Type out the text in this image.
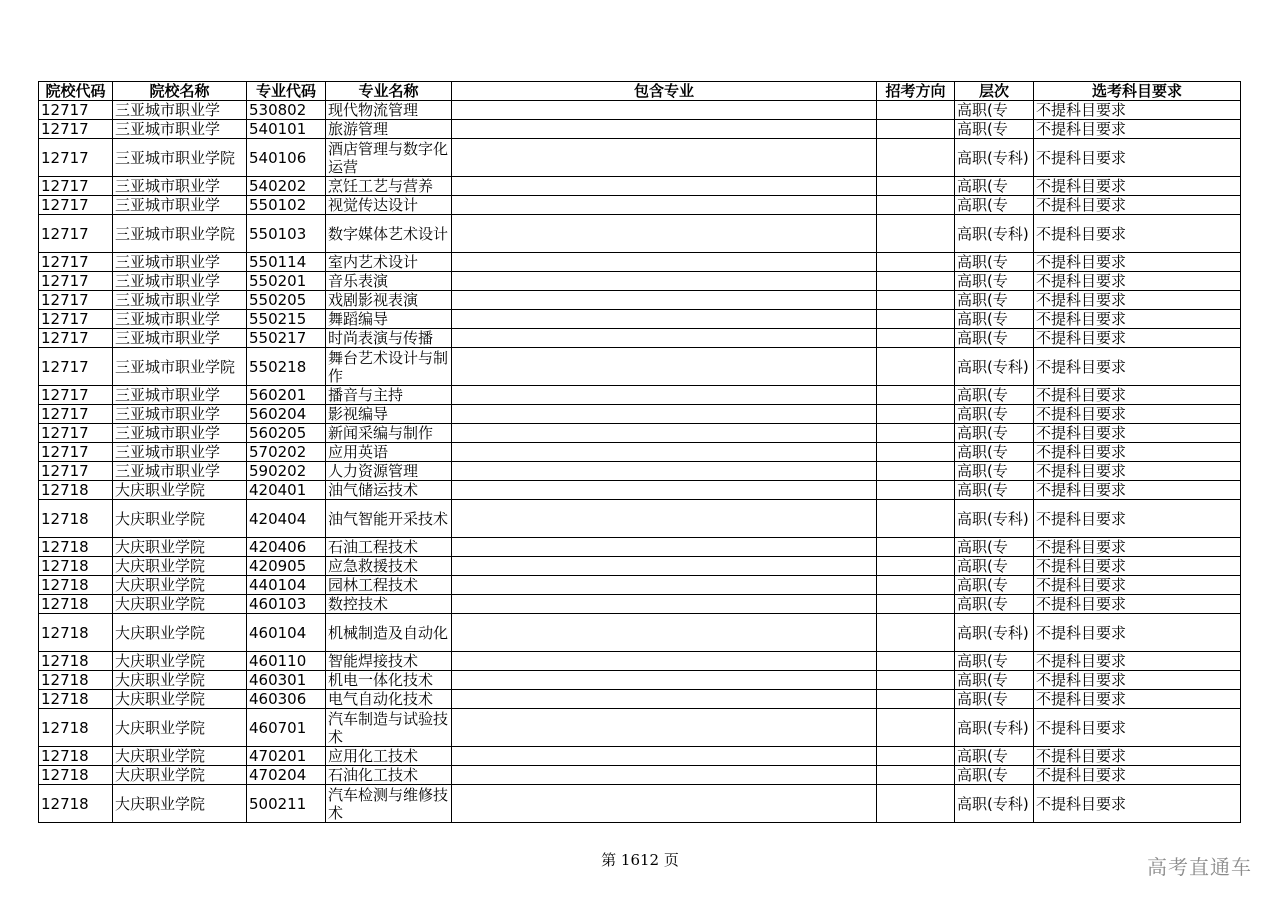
院校代码	院校名称	专业代码	专业名称	包含专业	招考方向	层次	选考科目要求
12717	三亚城市职业学	530802	现代物流管理			高职(专	不提科目要求
12717	三亚城市职业学	540101	旅游管理			高职(专	不提科目要求
12717	三亚城市职业学院	540106	酒店管理与数字化运营			高职(专科)	不提科目要求
12717	三亚城市职业学	540202	烹饪工艺与营养			高职(专	不提科目要求
12717	三亚城市职业学	550102	视觉传达设计			高职(专	不提科目要求
12717	三亚城市职业学院	550103	数字媒体艺术设计			高职(专科)	不提科目要求
12717	三亚城市职业学	550114	室内艺术设计			高职(专	不提科目要求
12717	三亚城市职业学	550201	音乐表演			高职(专	不提科目要求
12717	三亚城市职业学	550205	戏剧影视表演			高职(专	不提科目要求
12717	三亚城市职业学	550215	舞蹈编导			高职(专	不提科目要求
12717	三亚城市职业学	550217	时尚表演与传播			高职(专	不提科目要求
12717	三亚城市职业学院	550218	舞台艺术设计与制作			高职(专科)	不提科目要求
12717	三亚城市职业学	560201	播音与主持			高职(专	不提科目要求
12717	三亚城市职业学	560204	影视编导			高职(专	不提科目要求
12717	三亚城市职业学	560205	新闻采编与制作			高职(专	不提科目要求
12717	三亚城市职业学	570202	应用英语			高职(专	不提科目要求
12717	三亚城市职业学	590202	人力资源管理			高职(专	不提科目要求
12718	大庆职业学院	420401	油气储运技术			高职(专	不提科目要求
12718	大庆职业学院	420404	油气智能开采技术			高职(专科)	不提科目要求
12718	大庆职业学院	420406	石油工程技术			高职(专	不提科目要求
12718	大庆职业学院	420905	应急救援技术			高职(专	不提科目要求
12718	大庆职业学院	440104	园林工程技术			高职(专	不提科目要求
12718	大庆职业学院	460103	数控技术			高职(专	不提科目要求
12718	大庆职业学院	460104	机械制造及自动化			高职(专科)	不提科目要求
12718	大庆职业学院	460110	智能焊接技术			高职(专	不提科目要求
12718	大庆职业学院	460301	机电一体化技术			高职(专	不提科目要求
12718	大庆职业学院	460306	电气自动化技术			高职(专	不提科目要求
12718	大庆职业学院	460701	汽车制造与试验技术			高职(专科)	不提科目要求
12718	大庆职业学院	470201	应用化工技术			高职(专	不提科目要求
12718	大庆职业学院	470204	石油化工技术			高职(专	不提科目要求
12718	大庆职业学院	500211	汽车检测与维修技术			高职(专科)	不提科目要求
第 1612 页	高考直通车
